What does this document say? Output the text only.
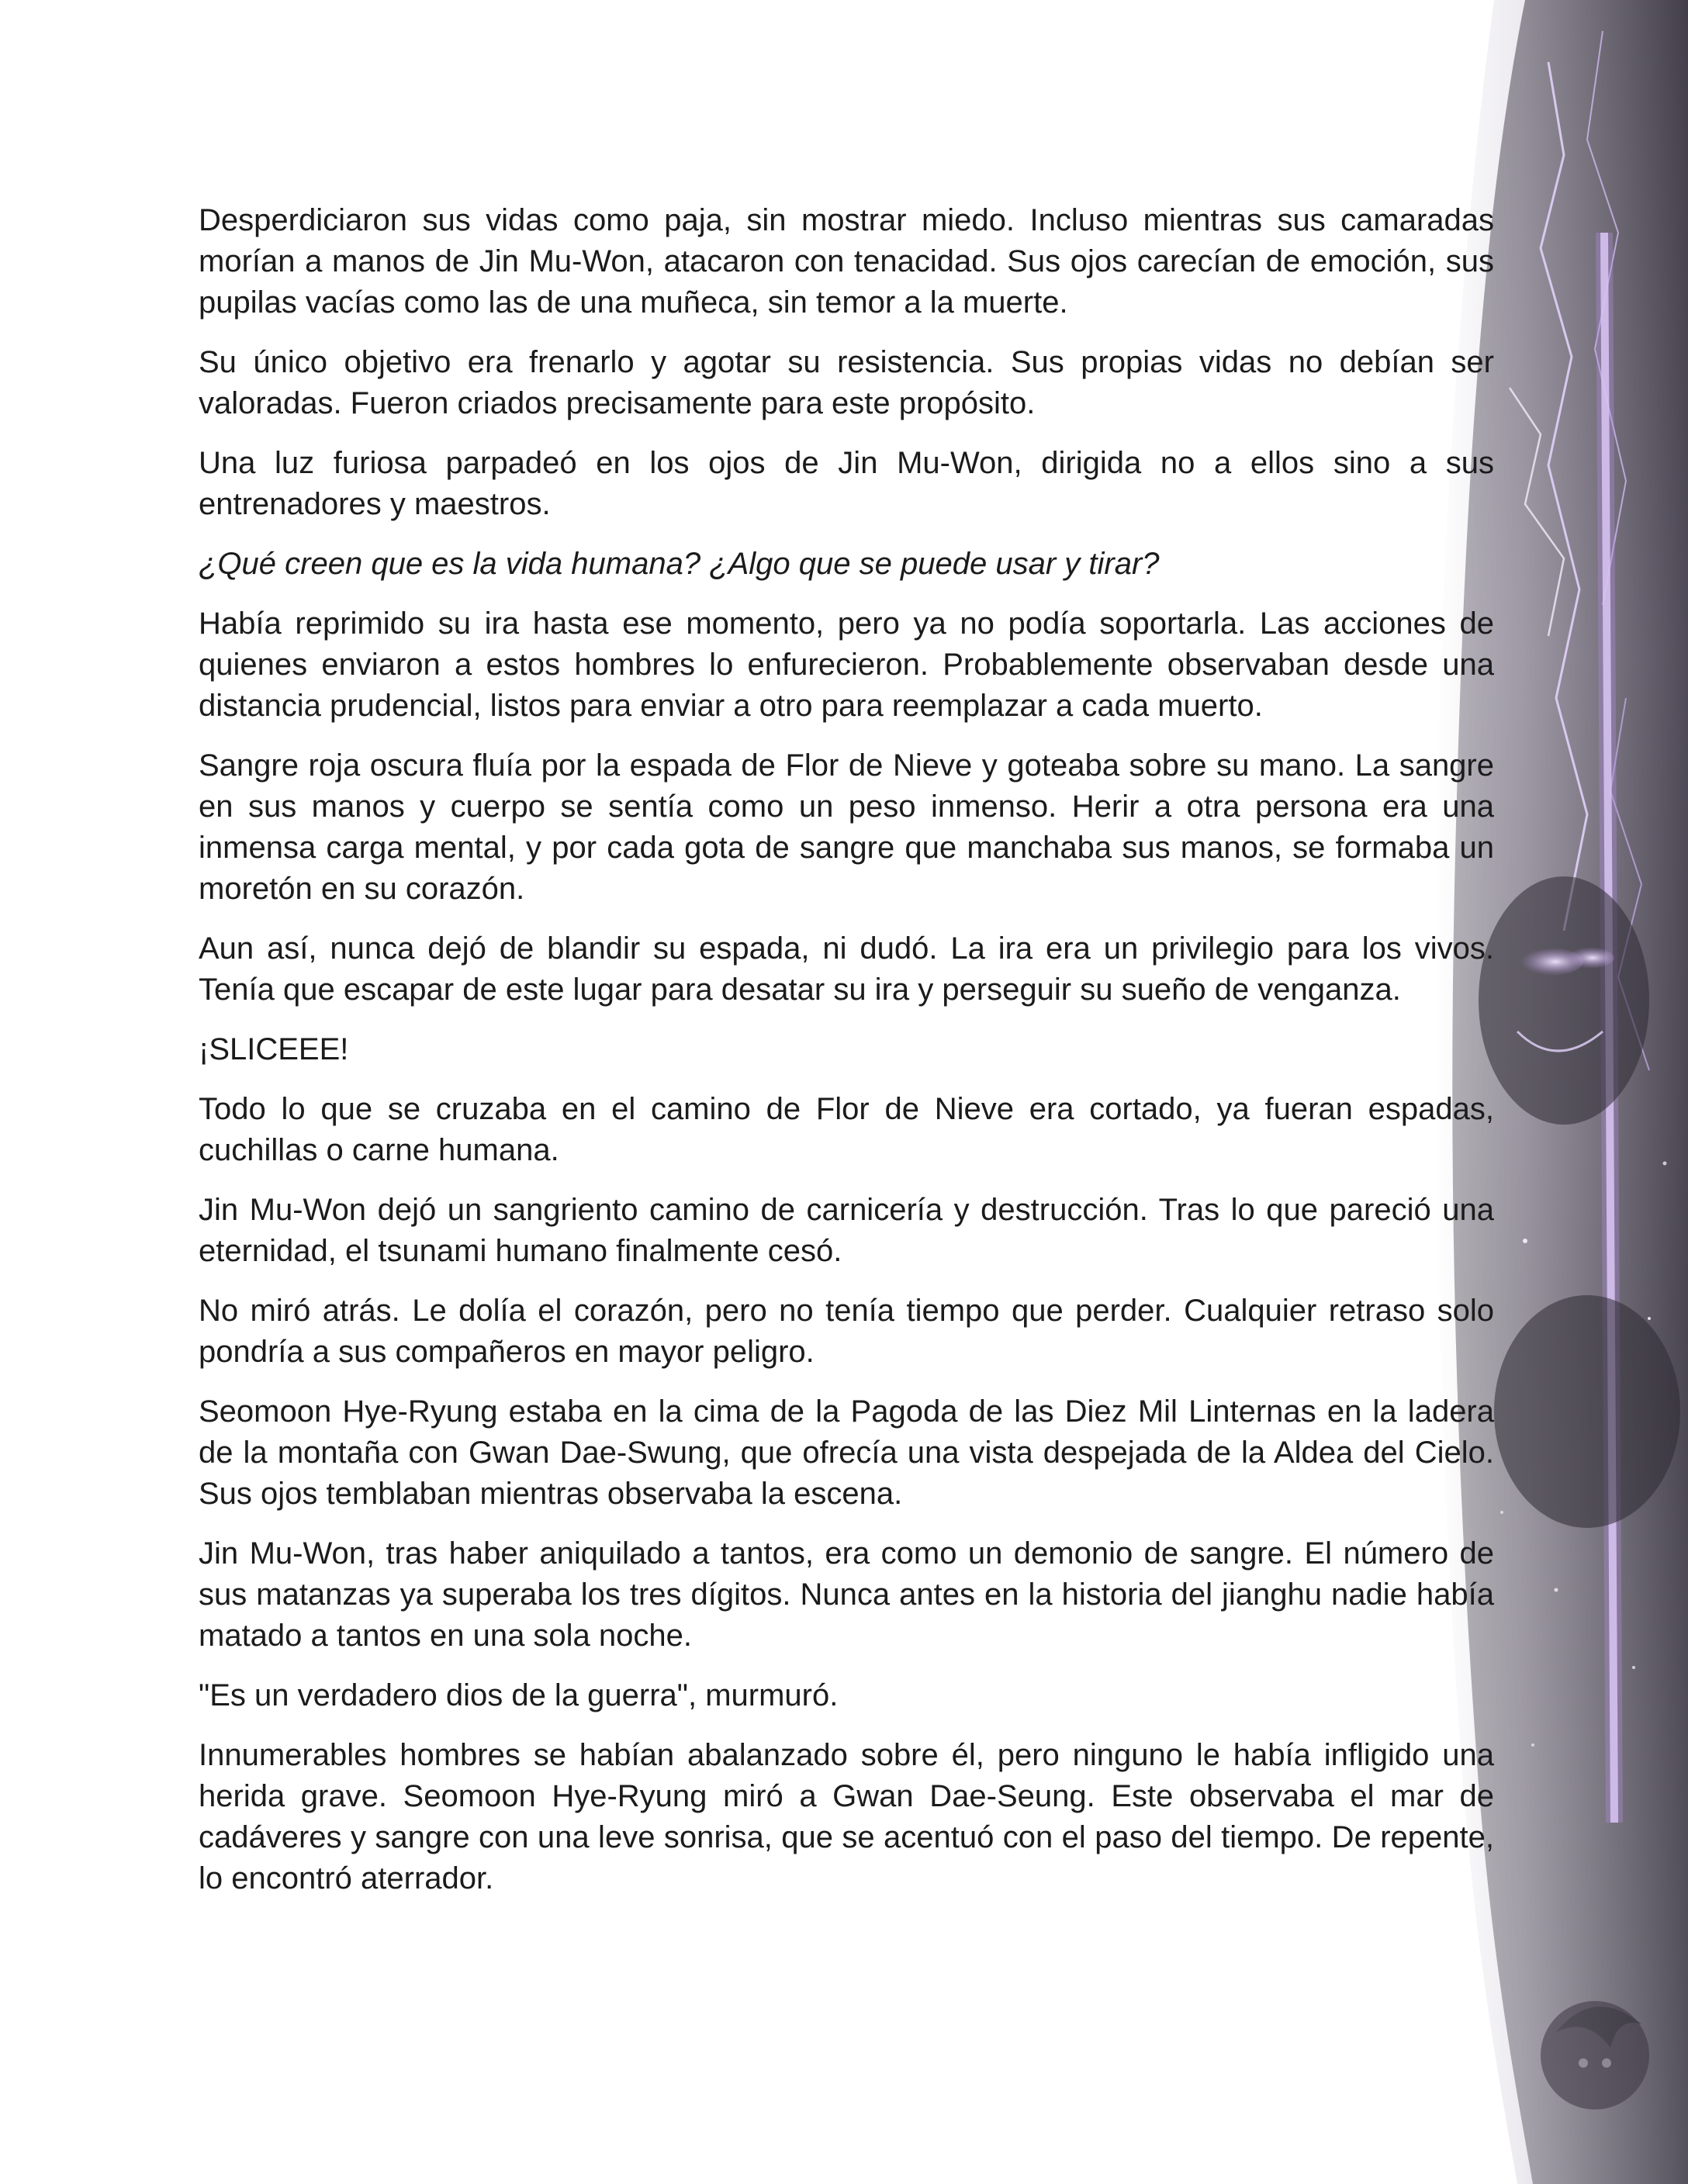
Desperdiciaron sus vidas como paja, sin mostrar miedo. Incluso mientras sus camaradas morían a manos de Jin Mu-Won, atacaron con tenacidad. Sus ojos carecían de emoción, sus pupilas vacías como las de una muñeca, sin temor a la muerte.

Su único objetivo era frenarlo y agotar su resistencia. Sus propias vidas no debían ser valoradas. Fueron criados precisamente para este propósito.

Una luz furiosa parpadeó en los ojos de Jin Mu-Won, dirigida no a ellos sino a sus entrenadores y maestros.

¿Qué creen que es la vida humana? ¿Algo que se puede usar y tirar?

Había reprimido su ira hasta ese momento, pero ya no podía soportarla. Las acciones de quienes enviaron a estos hombres lo enfurecieron. Probablemente observaban desde una distancia prudencial, listos para enviar a otro para reemplazar a cada muerto.

Sangre roja oscura fluía por la espada de Flor de Nieve y goteaba sobre su mano. La sangre en sus manos y cuerpo se sentía como un peso inmenso. Herir a otra persona era una inmensa carga mental, y por cada gota de sangre que manchaba sus manos, se formaba un moretón en su corazón.

Aun así, nunca dejó de blandir su espada, ni dudó. La ira era un privilegio para los vivos. Tenía que escapar de este lugar para desatar su ira y perseguir su sueño de venganza.

¡SLICEEE!

Todo lo que se cruzaba en el camino de Flor de Nieve era cortado, ya fueran espadas, cuchillas o carne humana.

Jin Mu-Won dejó un sangriento camino de carnicería y destrucción. Tras lo que pareció una eternidad, el tsunami humano finalmente cesó.

No miró atrás. Le dolía el corazón, pero no tenía tiempo que perder. Cualquier retraso solo pondría a sus compañeros en mayor peligro.

Seomoon Hye-Ryung estaba en la cima de la Pagoda de las Diez Mil Linternas en la ladera de la montaña con Gwan Dae-Swung, que ofrecía una vista despejada de la Aldea del Cielo. Sus ojos temblaban mientras observaba la escena.

Jin Mu-Won, tras haber aniquilado a tantos, era como un demonio de sangre. El número de sus matanzas ya superaba los tres dígitos. Nunca antes en la historia del jianghu nadie había matado a tantos en una sola noche.

"Es un verdadero dios de la guerra", murmuró.

Innumerables hombres se habían abalanzado sobre él, pero ninguno le había infligido una herida grave. Seomoon Hye-Ryung miró a Gwan Dae-Seung. Este observaba el mar de cadáveres y sangre con una leve sonrisa, que se acentuó con el paso del tiempo. De repente, lo encontró aterrador.
